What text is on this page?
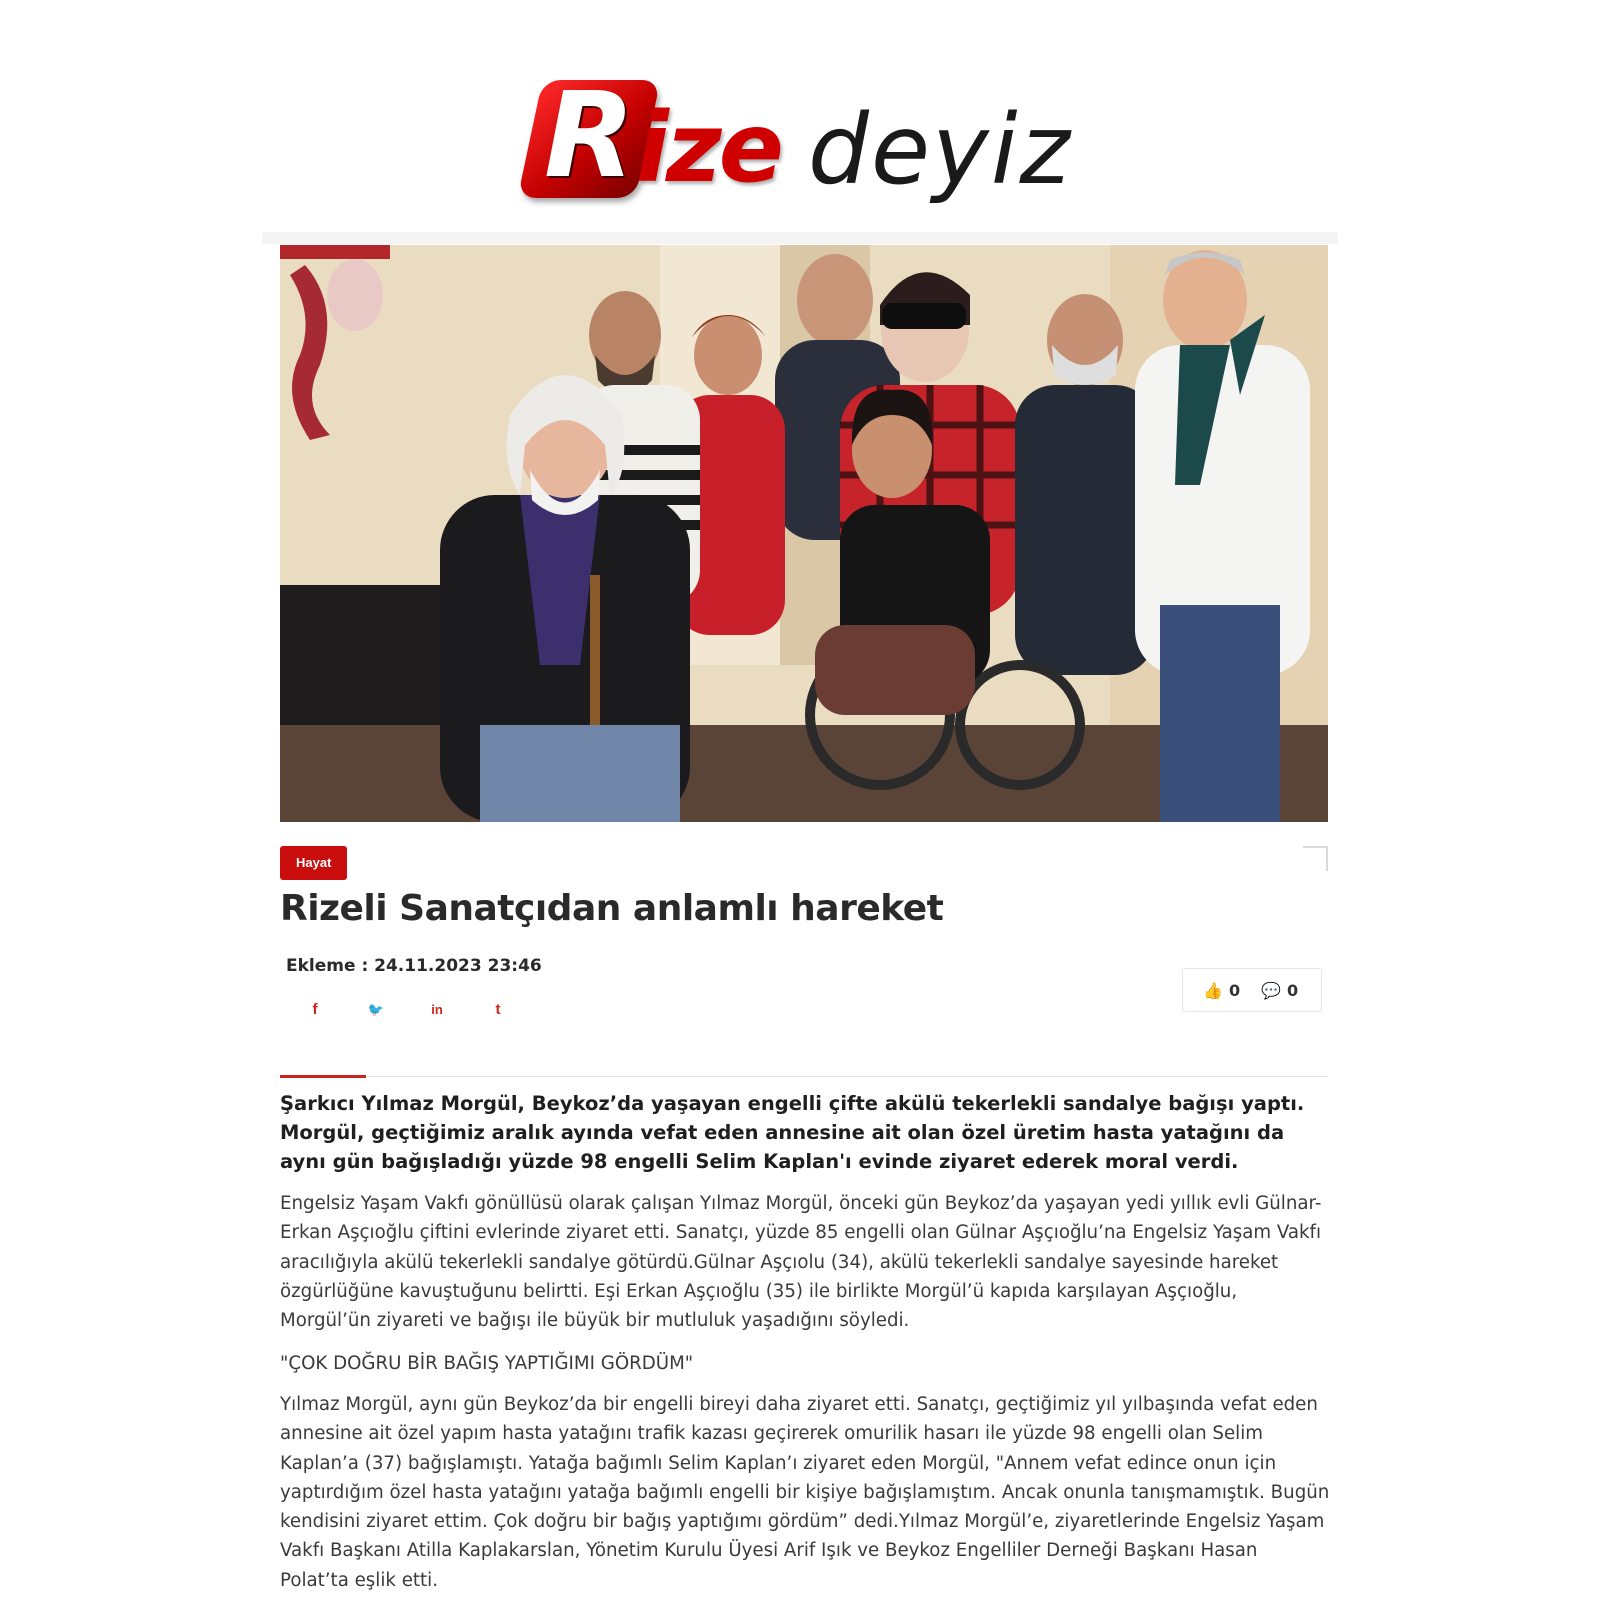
R ize deyiz
Hayat
Rizeli Sanatçıdan anlamlı hareket
Ekleme : 24.11.2023 23:46
f	🐦	in	t
👍 0 💬 0

Şarkıcı Yılmaz Morgül, Beykoz’da yaşayan engelli çifte akülü tekerlekli sandalye bağışı yaptı. Morgül, geçtiğimiz aralık ayında vefat eden annesine ait olan özel üretim hasta yatağını da aynı gün bağışladığı yüzde 98 engelli Selim Kaplan'ı evinde ziyaret ederek moral verdi.

Engelsiz Yaşam Vakfı gönüllüsü olarak çalışan Yılmaz Morgül, önceki gün Beykoz’da yaşayan yedi yıllık evli Gülnar-Erkan Aşçıoğlu çiftini evlerinde ziyaret etti. Sanatçı, yüzde 85 engelli olan Gülnar Aşçıoğlu’na Engelsiz Yaşam Vakfı aracılığıyla akülü tekerlekli sandalye götürdü.Gülnar Aşçıolu (34), akülü tekerlekli sandalye sayesinde hareket özgürlüğüne kavuştuğunu belirtti. Eşi Erkan Aşçıoğlu (35) ile birlikte Morgül’ü kapıda karşılayan Aşçıoğlu, Morgül’ün ziyareti ve bağışı ile büyük bir mutluluk yaşadığını söyledi.

"ÇOK DOĞRU BİR BAĞIŞ YAPTIĞIMI GÖRDÜM"

Yılmaz Morgül, aynı gün Beykoz’da bir engelli bireyi daha ziyaret etti. Sanatçı, geçtiğimiz yıl yılbaşında vefat eden annesine ait özel yapım hasta yatağını trafik kazası geçirerek omurilik hasarı ile yüzde 98 engelli olan Selim Kaplan’a (37) bağışlamıştı. Yatağa bağımlı Selim Kaplan’ı ziyaret eden Morgül, "Annem vefat edince onun için yaptırdığım özel hasta yatağını yatağa bağımlı engelli bir kişiye bağışlamıştım. Ancak onunla tanışmamıştık. Bugün kendisini ziyaret ettim. Çok doğru bir bağış yaptığımı gördüm” dedi.Yılmaz Morgül’e, ziyaretlerinde Engelsiz Yaşam Vakfı Başkanı Atilla Kaplakarslan, Yönetim Kurulu Üyesi Arif Işık ve Beykoz Engelliler Derneği Başkanı Hasan Polat’ta eşlik etti.
